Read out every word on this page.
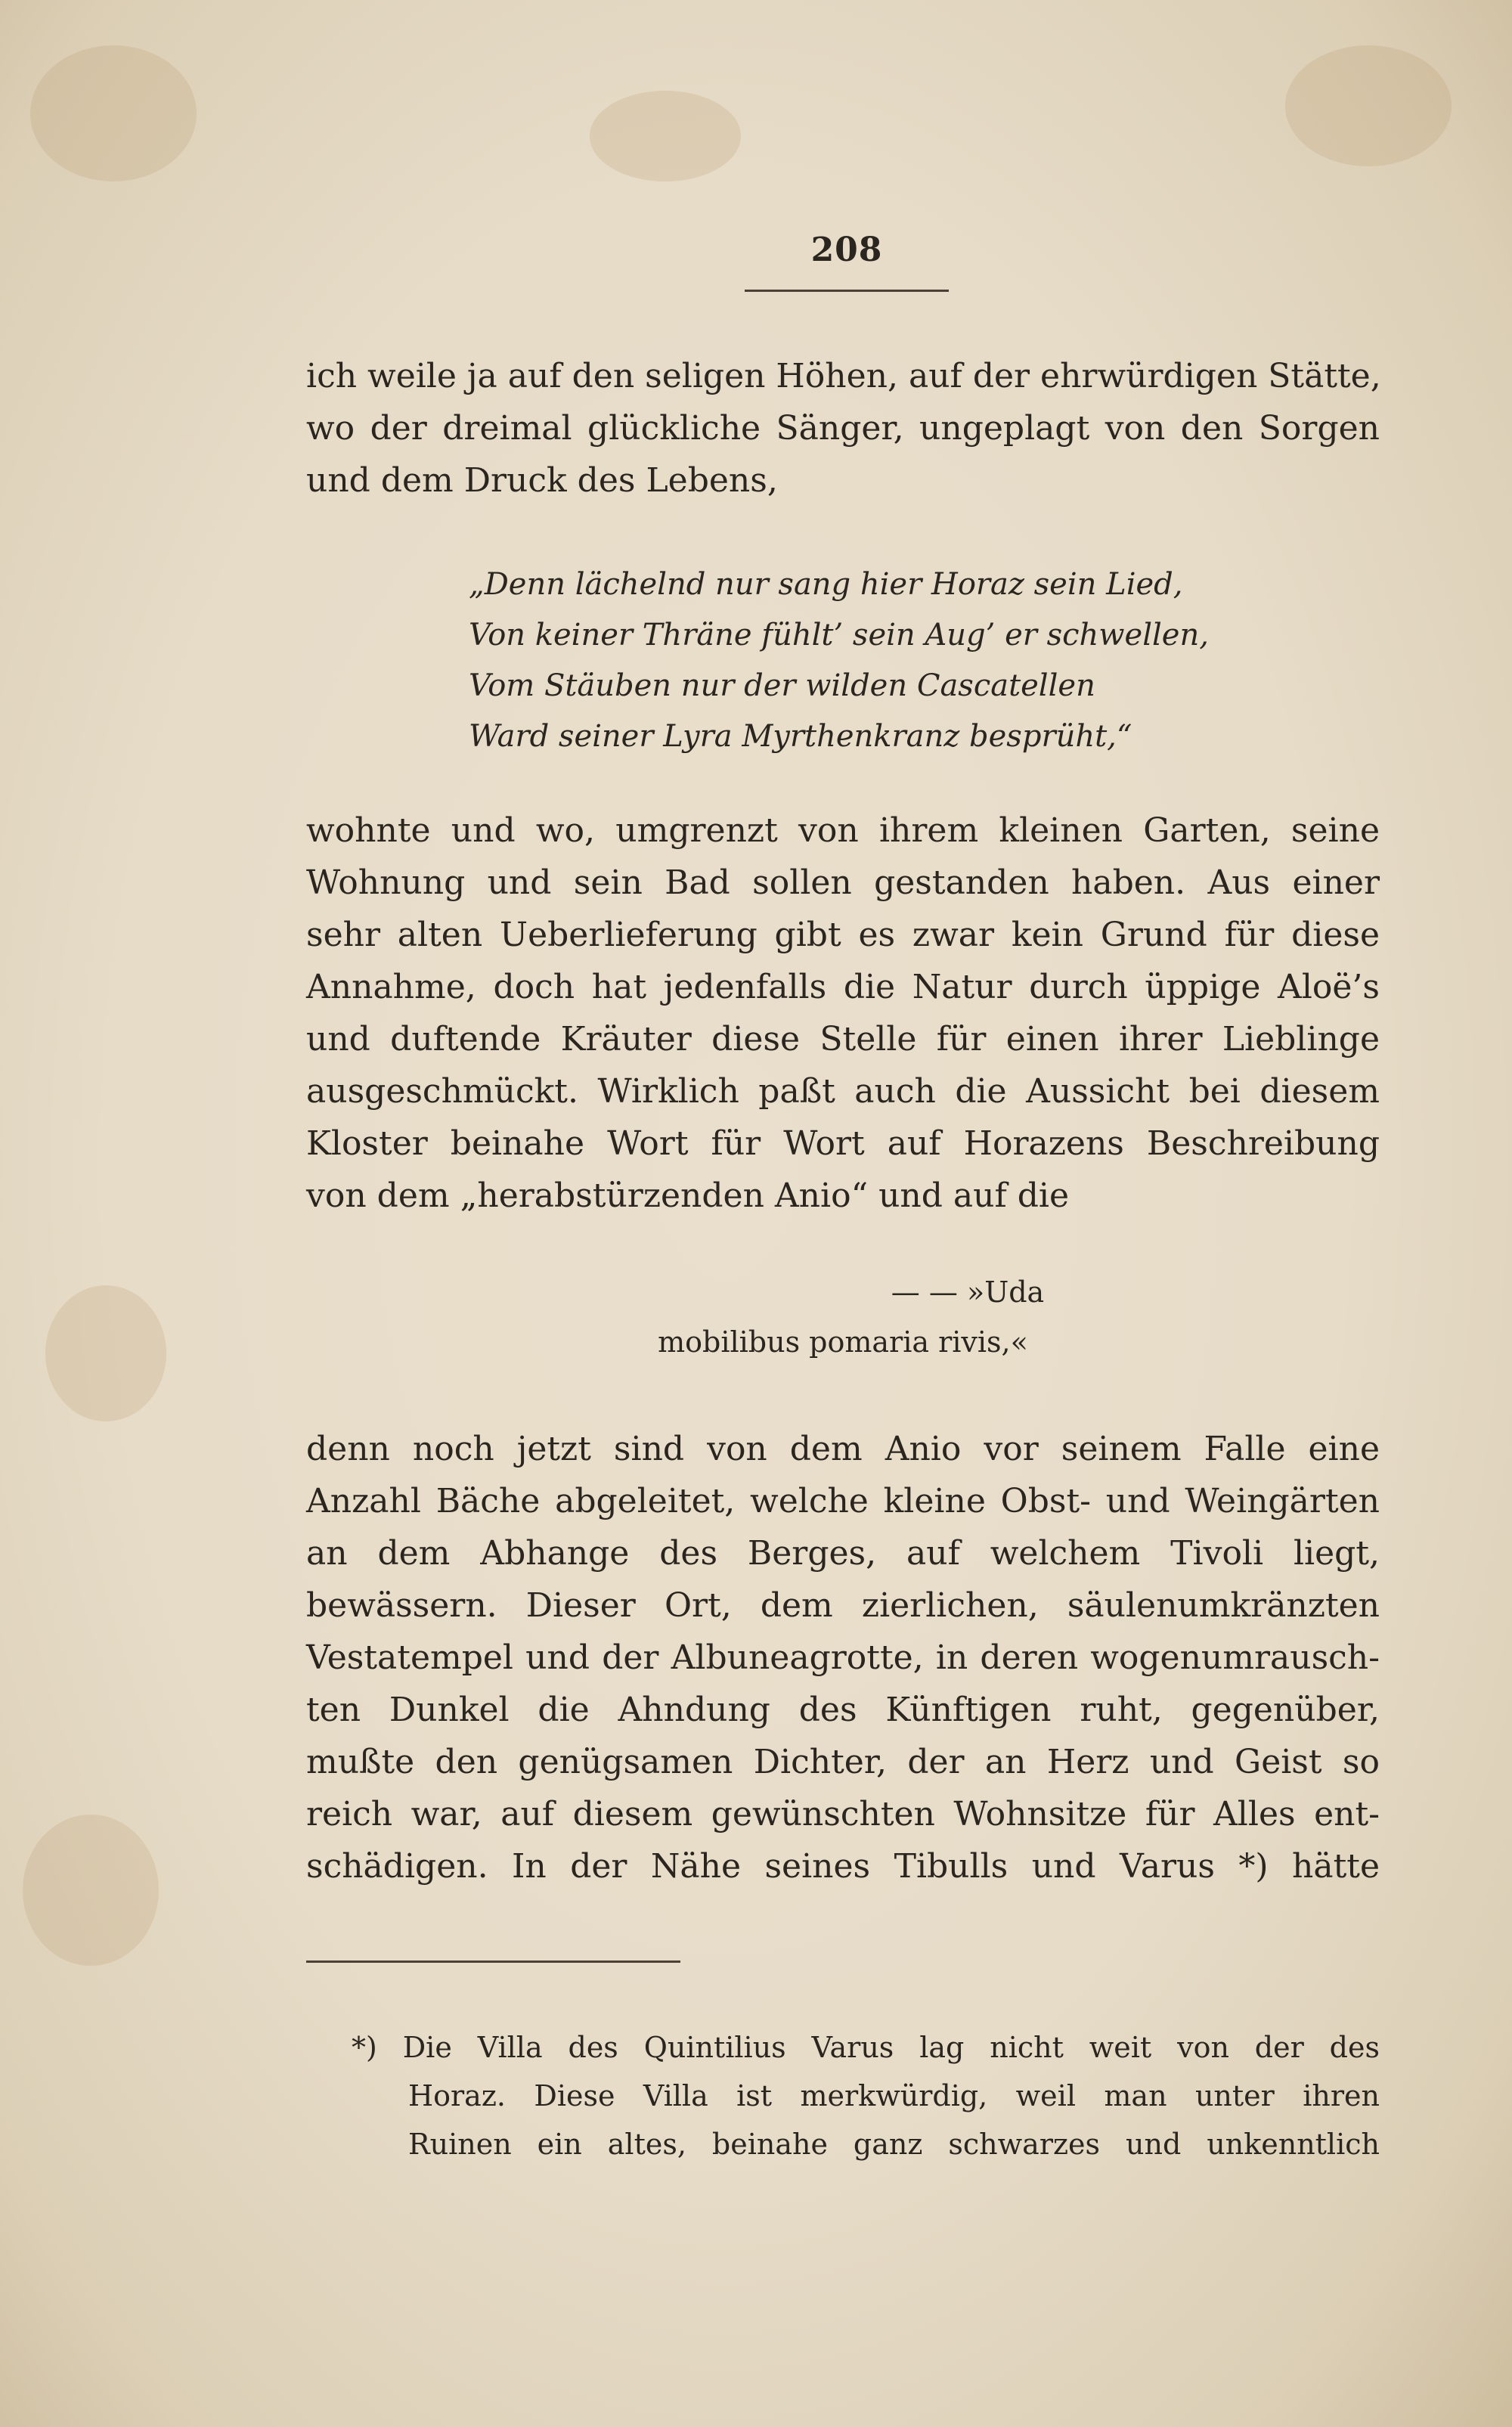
208
ich weile ja auf den seligen Höhen, auf der ehrwürdigen Stätte,
wo der dreimal glückliche Sänger, ungeplagt von den Sorgen
und dem Druck des Lebens,
„Denn lächelnd nur sang hier Horaz sein Lied,
Von keiner Thräne fühlt’ sein Aug’ er schwellen,
Vom Stäuben nur der wilden Cascatellen
Ward seiner Lyra Myrthenkranz besprüht,“
wohnte und wo, umgrenzt von ihrem kleinen Garten, seine
Wohnung und sein Bad sollen gestanden haben. Aus einer
sehr alten Ueberlieferung gibt es zwar kein Grund für diese
Annahme, doch hat jedenfalls die Natur durch üppige Aloë’s
und duftende Kräuter diese Stelle für einen ihrer Lieblinge
ausgeschmückt. Wirklich paßt auch die Aussicht bei diesem
Kloster beinahe Wort für Wort auf Horazens Beschreibung
von dem „herabstürzenden Anio“ und auf die
— — »Uda
mobilibus pomaria rivis,«
denn noch jetzt sind von dem Anio vor seinem Falle eine
Anzahl Bäche abgeleitet, welche kleine Obst- und Weingärten
an dem Abhange des Berges, auf welchem Tivoli liegt,
bewässern. Dieser Ort, dem zierlichen, säulenumkränzten
Vestatempel und der Albuneagrotte, in deren wogenumrausch-
ten Dunkel die Ahndung des Künftigen ruht, gegenüber,
mußte den genügsamen Dichter, der an Herz und Geist so
reich war, auf diesem gewünschten Wohnsitze für Alles ent-
schädigen. In der Nähe seines Tibulls und Varus *) hätte
*) Die Villa des Quintilius Varus lag nicht weit von der des
Horaz. Diese Villa ist merkwürdig, weil man unter ihren
Ruinen ein altes, beinahe ganz schwarzes und unkenntlich
